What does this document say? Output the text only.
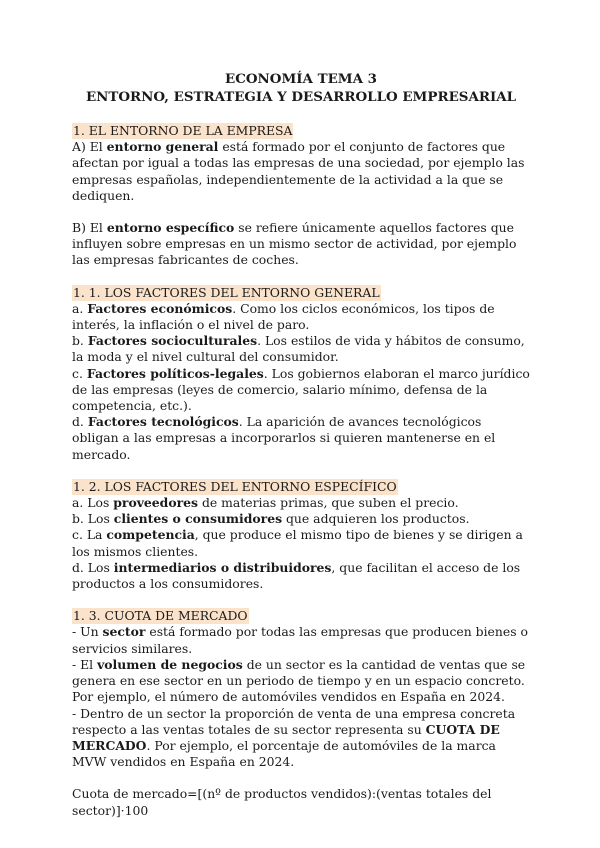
ECONOMÍA TEMA 3
ENTORNO, ESTRATEGIA Y DESARROLLO EMPRESARIAL
1. EL ENTORNO DE LA EMPRESA

A) El entorno general está formado por el conjunto de factores que afectan por igual a todas las empresas de una sociedad, por ejemplo las empresas españolas, independientemente de la actividad a la que se dediquen.

B) El entorno específico se refiere únicamente aquellos factores que influyen sobre empresas en un mismo sector de actividad, por ejemplo las empresas fabricantes de coches.

1. 1. LOS FACTORES DEL ENTORNO GENERAL

a. Factores económicos. Como los ciclos económicos, los tipos de interés, la inflación o el nivel de paro.

b. Factores socioculturales. Los estilos de vida y hábitos de consumo, la moda y el nivel cultural del consumidor.

c. Factores políticos-legales. Los gobiernos elaboran el marco jurídico de las empresas (leyes de comercio, salario mínimo, defensa de la competencia, etc.).

d. Factores tecnológicos. La aparición de avances tecnológicos obligan a las empresas a incorporarlos si quieren mantenerse en el mercado.

1. 2. LOS FACTORES DEL ENTORNO ESPECÍFICO

a. Los proveedores de materias primas, que suben el precio.

b. Los clientes o consumidores que adquieren los productos.

c. La competencia, que produce el mismo tipo de bienes y se dirigen a los mismos clientes.

d. Los intermediarios o distribuidores, que facilitan el acceso de los productos a los consumidores.

1. 3. CUOTA DE MERCADO

- Un sector está formado por todas las empresas que producen bienes o servicios similares.

- El volumen de negocios de un sector es la cantidad de ventas que se genera en ese sector en un periodo de tiempo y en un espacio concreto. Por ejemplo, el número de automóviles vendidos en España en 2024.

- Dentro de un sector la proporción de venta de una empresa concreta respecto a las ventas totales de su sector representa su CUOTA DE MERCADO. Por ejemplo, el porcentaje de automóviles de la marca MVW vendidos en España en 2024.

Cuota de mercado=[(nº de productos vendidos):(ventas totales del sector)]·100
